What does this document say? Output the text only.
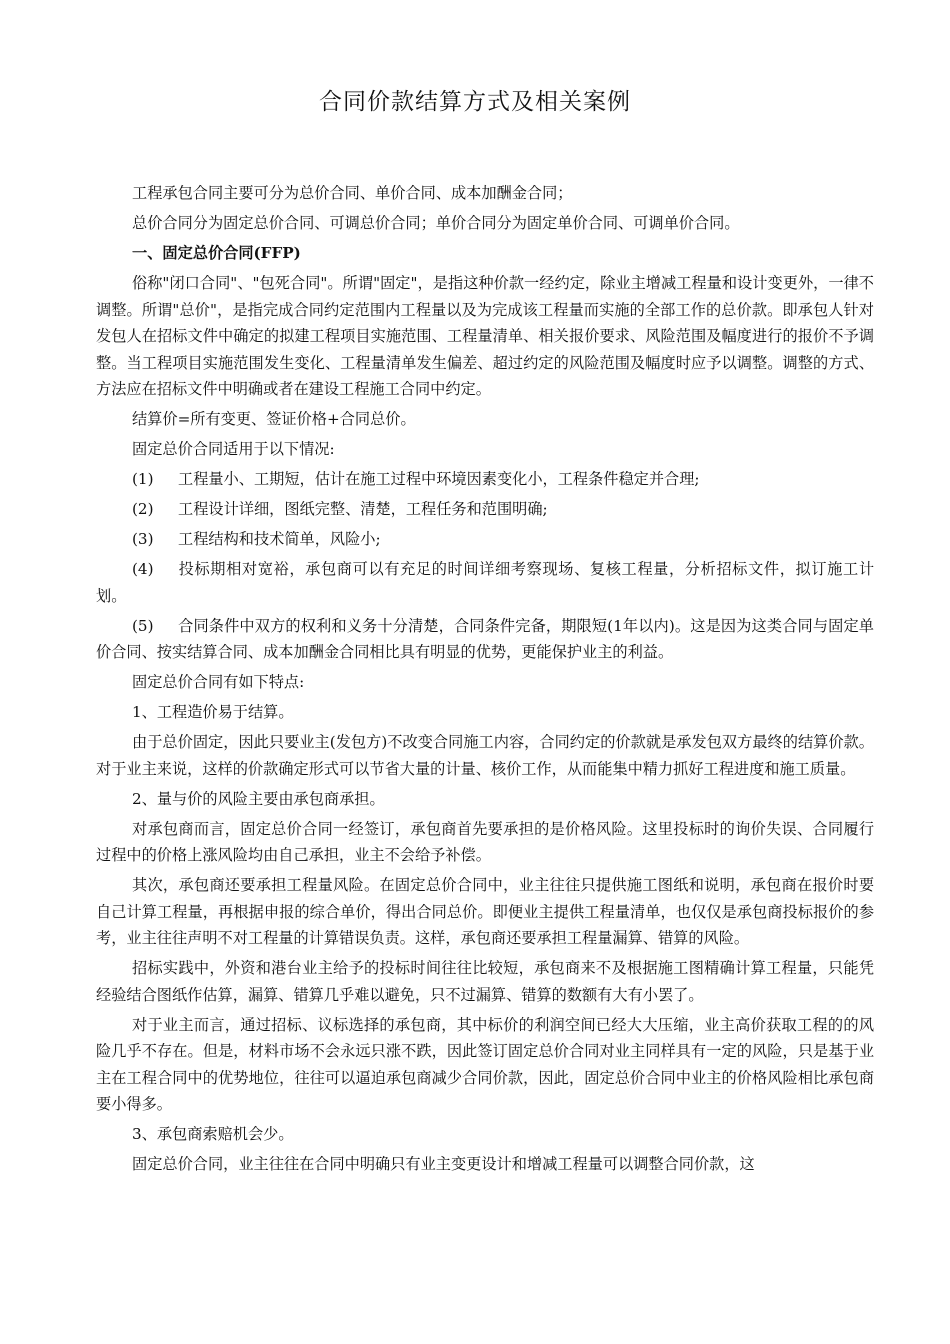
合同价款结算方式及相关案例

工程承包合同主要可分为总价合同、单价合同、成本加酬金合同；

总价合同分为固定总价合同、可调总价合同；单价合同分为固定单价合同、可调单价合同。

一、固定总价合同(FFP)

俗称"闭口合同"、"包死合同"。所谓"固定"，是指这种价款一经约定，除业主增减工程量和设计变更外，一律不调整。所谓"总价"，是指完成合同约定范围内工程量以及为完成该工程量而实施的全部工作的总价款。即承包人针对发包人在招标文件中确定的拟建工程项目实施范围、工程量清单、相关报价要求、风险范围及幅度进行的报价不予调整。当工程项目实施范围发生变化、工程量清单发生偏差、超过约定的风险范围及幅度时应予以调整。调整的方式、方法应在招标文件中明确或者在建设工程施工合同中约定。

结算价=所有变更、签证价格+合同总价。

固定总价合同适用于以下情况:

(1) 工程量小、工期短，估计在施工过程中环境因素变化小，工程条件稳定并合理;

(2) 工程设计详细，图纸完整、清楚，工程任务和范围明确;

(3) 工程结构和技术简单，风险小;

(4) 投标期相对宽裕，承包商可以有充足的时间详细考察现场、复核工程量，分析招标文件，拟订施工计划。

(5) 合同条件中双方的权利和义务十分清楚，合同条件完备，期限短(1年以内)。这是因为这类合同与固定单价合同、按实结算合同、成本加酬金合同相比具有明显的优势，更能保护业主的利益。

固定总价合同有如下特点:

1、工程造价易于结算。

由于总价固定，因此只要业主(发包方)不改变合同施工内容，合同约定的价款就是承发包双方最终的结算价款。对于业主来说，这样的价款确定形式可以节省大量的计量、核价工作，从而能集中精力抓好工程进度和施工质量。

2、量与价的风险主要由承包商承担。

对承包商而言，固定总价合同一经签订，承包商首先要承担的是价格风险。这里投标时的询价失误、合同履行过程中的价格上涨风险均由自己承担，业主不会给予补偿。

其次，承包商还要承担工程量风险。在固定总价合同中，业主往往只提供施工图纸和说明，承包商在报价时要自己计算工程量，再根据申报的综合单价，得出合同总价。即便业主提供工程量清单，也仅仅是承包商投标报价的参考，业主往往声明不对工程量的计算错误负责。这样，承包商还要承担工程量漏算、错算的风险。

招标实践中，外资和港台业主给予的投标时间往往比较短，承包商来不及根据施工图精确计算工程量，只能凭经验结合图纸作估算，漏算、错算几乎难以避免，只不过漏算、错算的数额有大有小罢了。

对于业主而言，通过招标、议标选择的承包商，其中标价的利润空间已经大大压缩，业主高价获取工程的的风险几乎不存在。但是，材料市场不会永远只涨不跌，因此签订固定总价合同对业主同样具有一定的风险，只是基于业主在工程合同中的优势地位，往往可以逼迫承包商减少合同价款，因此，固定总价合同中业主的价格风险相比承包商要小得多。

3、承包商索赔机会少。

固定总价合同，业主往往在合同中明确只有业主变更设计和增减工程量可以调整合同价款，这
